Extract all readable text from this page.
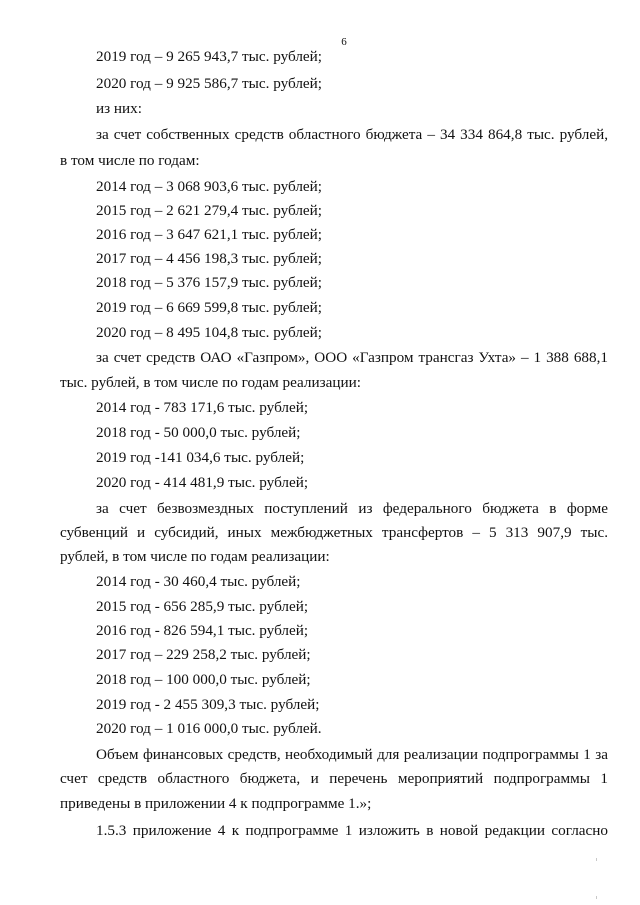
6
2019 год – 9 265 943,7 тыс. рублей;
2020 год – 9 925 586,7 тыс. рублей;
из них:
за счет собственных средств областного бюджета – 34 334 864,8 тыс. рублей,
в том числе по годам:
2014 год – 3 068 903,6 тыс. рублей;
2015 год – 2 621 279,4 тыс. рублей;
2016 год – 3 647 621,1 тыс. рублей;
2017 год – 4 456 198,3 тыс. рублей;
2018 год – 5 376 157,9 тыс. рублей;
2019 год – 6 669 599,8 тыс. рублей;
2020 год – 8 495 104,8 тыс. рублей;
за счет средств ОАО «Газпром», ООО «Газпром трансгаз Ухта» – 1 388 688,1
тыс. рублей, в том числе по годам реализации:
2014 год - 783 171,6 тыс. рублей;
2018 год - 50 000,0 тыс. рублей;
2019 год -141 034,6 тыс. рублей;
2020 год - 414 481,9 тыс. рублей;
за счет безвозмездных поступлений из федерального бюджета в форме
субвенций и субсидий, иных межбюджетных трансфертов – 5 313 907,9 тыс.
рублей, в том числе по годам реализации:
2014 год - 30 460,4 тыс. рублей;
2015 год - 656 285,9 тыс. рублей;
2016 год - 826 594,1 тыс. рублей;
2017 год – 229 258,2 тыс. рублей;
2018 год – 100 000,0 тыс. рублей;
2019 год - 2 455 309,3 тыс. рублей;
2020 год – 1 016 000,0 тыс. рублей.
Объем финансовых средств, необходимый для реализации подпрограммы 1 за
счет средств областного бюджета, и перечень мероприятий подпрограммы 1
приведены в приложении 4 к подпрограмме 1.»;
1.5.3 приложение 4 к подпрограмме 1 изложить в новой редакции согласно
